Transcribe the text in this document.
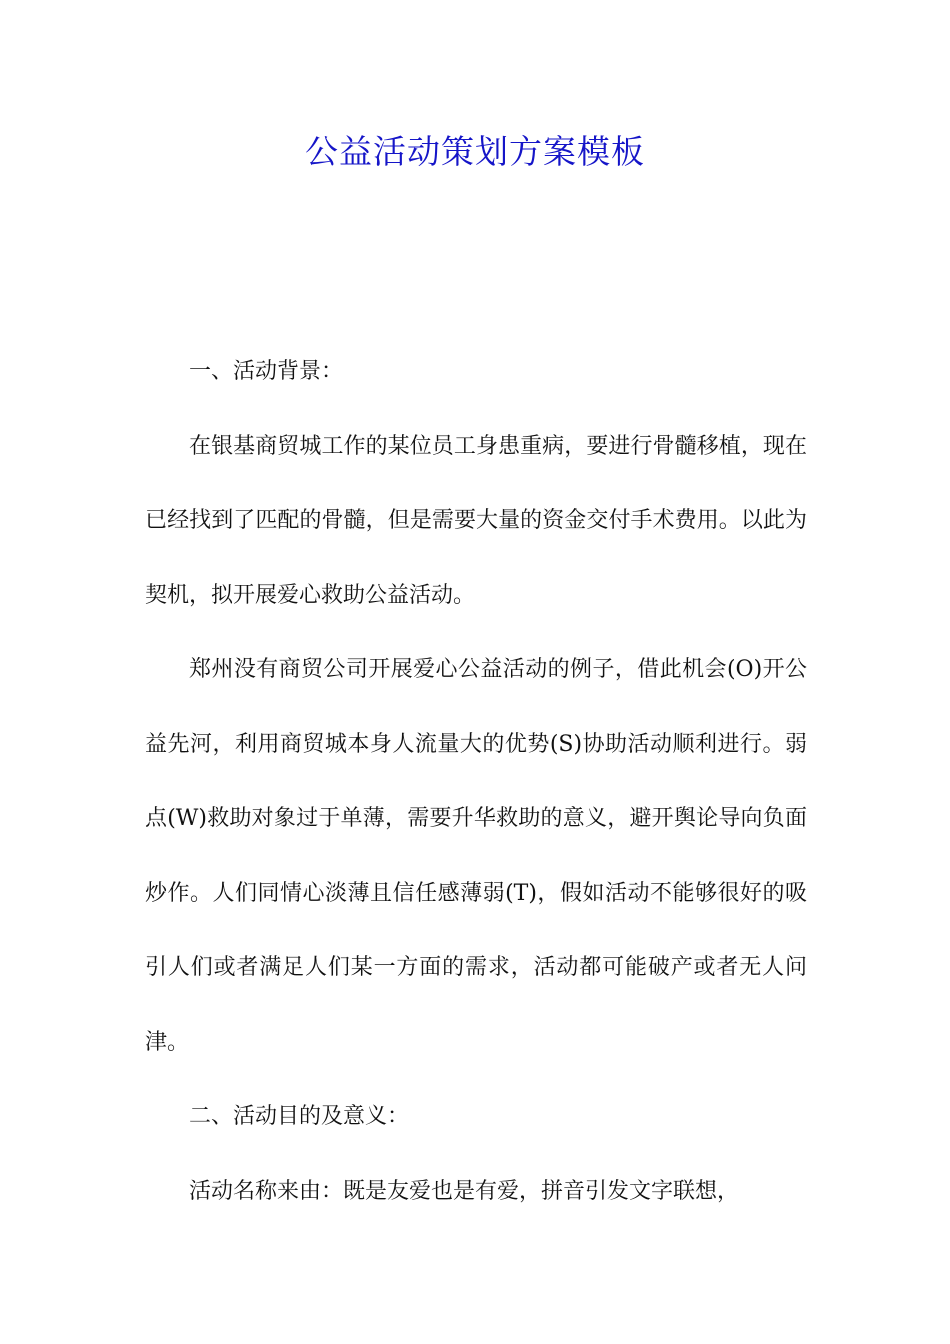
公益活动策划方案模板

一、活动背景：

在银基商贸城工作的某位员工身患重病，要进行骨髓移植，现在已经找到了匹配的骨髓，但是需要大量的资金交付手术费用。以此为契机，拟开展爱心救助公益活动。

郑州没有商贸公司开展爱心公益活动的例子，借此机会(O)开公益先河，利用商贸城本身人流量大的优势(S)协助活动顺利进行。弱点(W)救助对象过于单薄，需要升华救助的意义，避开舆论导向负面炒作。人们同情心淡薄且信任感薄弱(T)，假如活动不能够很好的吸引人们或者满足人们某一方面的需求，活动都可能破产或者无人问津。

二、活动目的及意义：

活动名称来由：既是友爱也是有爱，拼音引发文字联想，
